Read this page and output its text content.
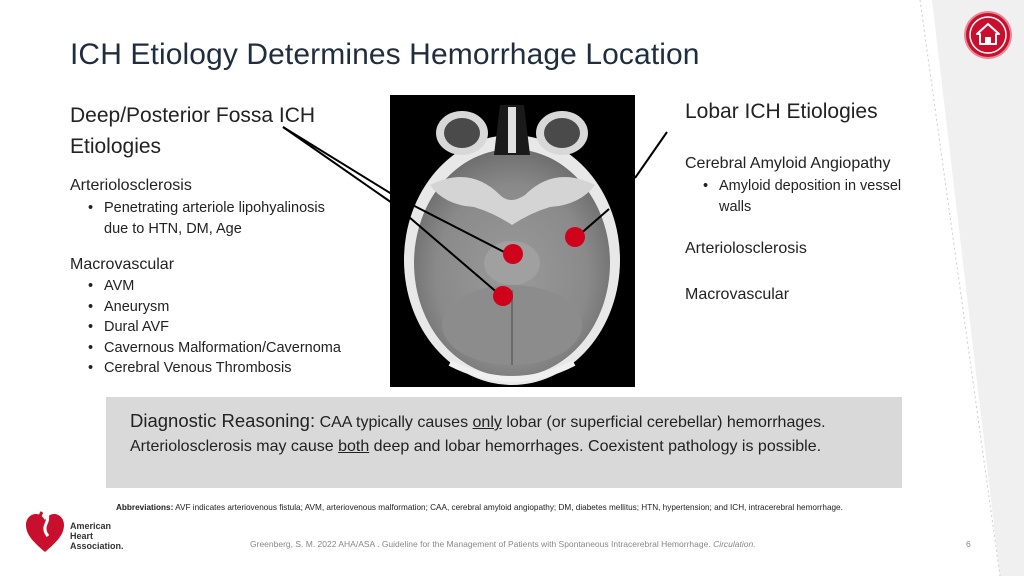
ICH Etiology Determines Hemorrhage Location
Deep/Posterior Fossa ICH
Etiologies
Arteriolosclerosis
• Penetrating arteriole lipohyalinosis
due to HTN, DM, Age
Macrovascular
• AVM
• Aneurysm
• Dural AVF
• Cavernous Malformation/Cavernoma
• Cerebral Venous Thrombosis
Lobar ICH Etiologies
Cerebral Amyloid Angiopathy
• Amyloid deposition in vessel
walls
Arteriolosclerosis
Macrovascular
Diagnostic Reasoning: CAA typically causes only lobar (or superficial cerebellar) hemorrhages.
Arteriolosclerosis may cause both deep and lobar hemorrhages. Coexistent pathology is possible.
Abbreviations: AVF indicates arteriovenous fistula; AVM, arteriovenous malformation; CAA, cerebral amyloid angiopathy; DM, diabetes mellitus; HTN, hypertension; and ICH, intracerebral hemorrhage.
American
Heart
Association.	Greenberg, S. M. 2022 AHA/ASA . Guideline for the Management of Patients with Spontaneous Intracerebral Hemorrhage. Circulation.	6
